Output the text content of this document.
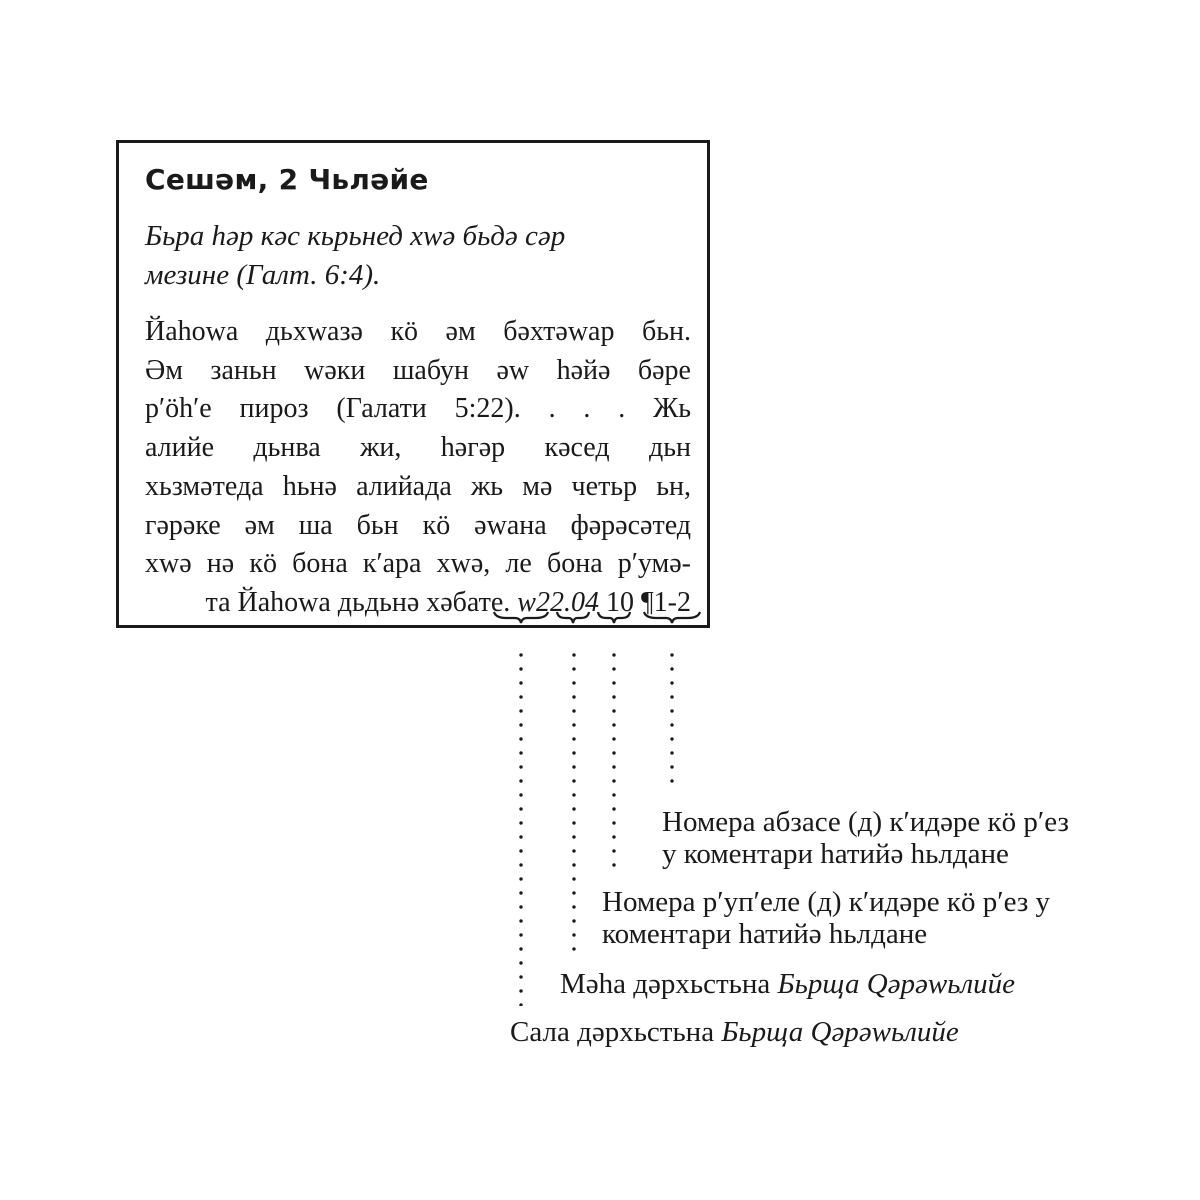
Сешәм, 2 Чьләйе
Бьра һәр кәс кьрьнед хwә бьдә сәр
мезине (Галт. 6:4).
Йаһоwа дьхwазә кӧ әм бәхтәwар бьн.
Әм заньн wәки шабун әw һәйә бәре
р′ӧһ′е пироз (Галати 5:22). . . . Жь
алийе дьнва жи, һәгәр кәсед дьн
хьзмәтеда һьнә алийада жь мә четьр ьн,
гәрәке әм ша бьн кӧ әwана фәрәсәтед
хwә нә кӧ бона к′ара хwә, ле бона р′умә-
та Йаһоwа дьдьнә хәбате. w22.04 10 ¶1-2
Номера абзасе (д) к′идәре кӧ р′ез
у коментари һатийә һьлдане
Номера р′уп′еле (д) к′идәре кӧ р′ез у
коментари һатийә һьлдане
Мәһа дәрхьстьна Бьрща Qәрәwьлийе
Сала дәрхьстьна Бьрща Qәрәwьлийе
